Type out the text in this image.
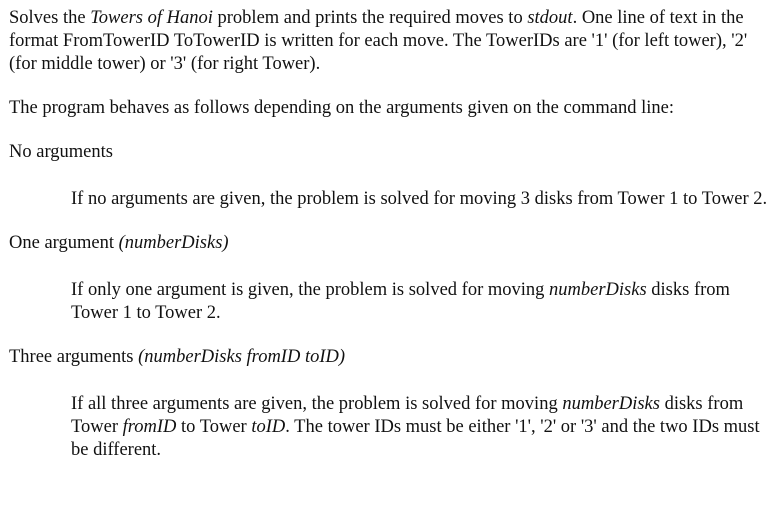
Solves the Towers of Hanoi problem and prints the required moves to stdout. One line of text in the format FromTowerID ToTowerID is written for each move. The TowerIDs are '1' (for left tower), '2' (for middle tower) or '3' (for right Tower).

The program behaves as follows depending on the arguments given on the command line:

No arguments

If no arguments are given, the problem is solved for moving 3 disks from Tower 1 to Tower 2.

One argument (numberDisks)

If only one argument is given, the problem is solved for moving numberDisks disks from Tower 1 to Tower 2.

Three arguments (numberDisks fromID toID)

If all three arguments are given, the problem is solved for moving numberDisks disks from Tower fromID to Tower toID. The tower IDs must be either '1', '2' or '3' and the two IDs must be different.
